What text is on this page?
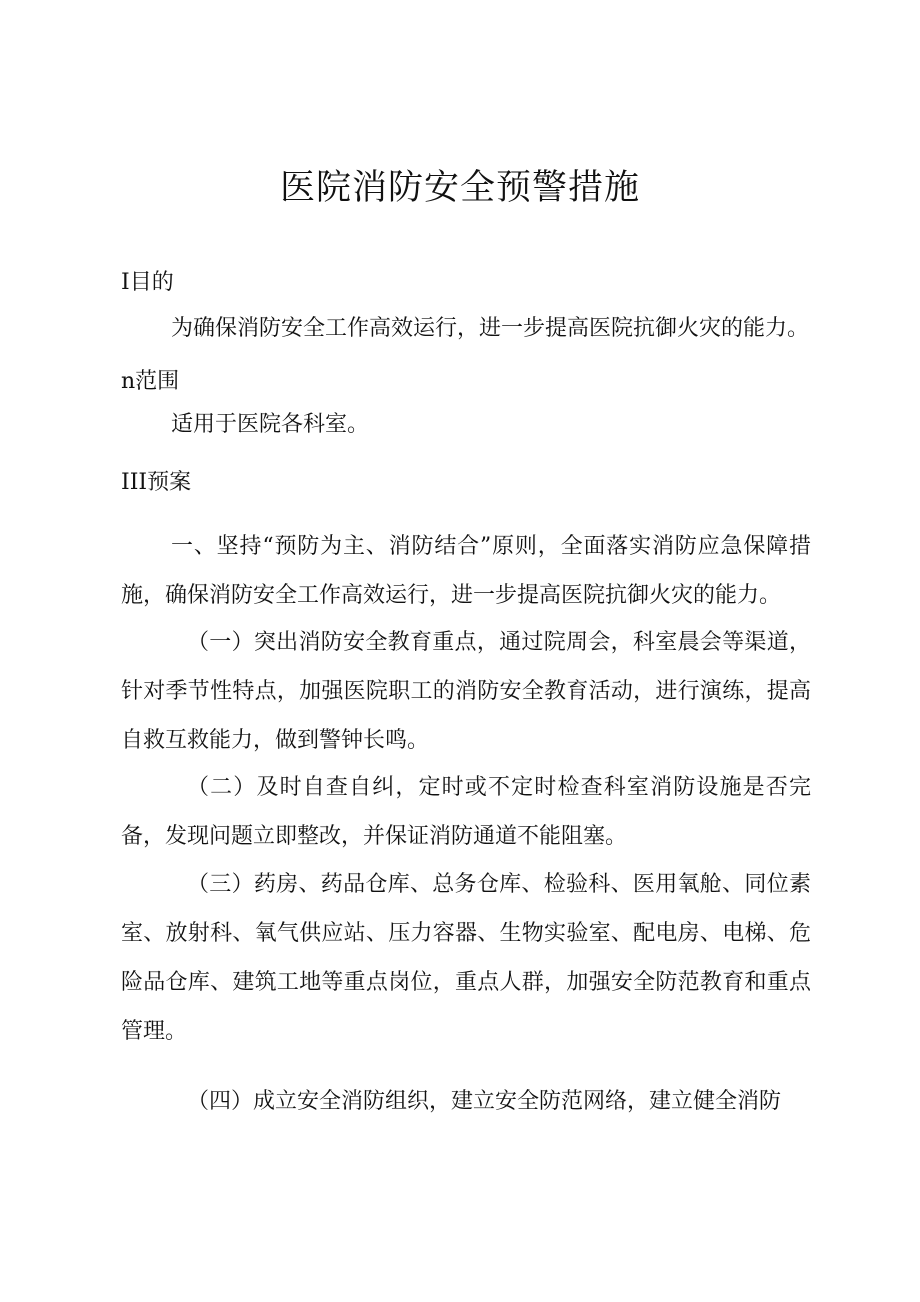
医院消防安全预警措施
I目的
为确保消防安全工作高效运行，进一步提高医院抗御火灾的能力。
n范围
适用于医院各科室。
III预案
一、坚持“预防为主、消防结合”原则，全面落实消防应急保障措施，确保消防安全工作高效运行，进一步提高医院抗御火灾的能力。
（一）突出消防安全教育重点，通过院周会，科室晨会等渠道，针对季节性特点，加强医院职工的消防安全教育活动，进行演练，提高自救互救能力，做到警钟长鸣。
（二）及时自查自纠，定时或不定时检查科室消防设施是否完备，发现问题立即整改，并保证消防通道不能阻塞。
（三）药房、药品仓库、总务仓库、检验科、医用氧舱、同位素室、放射科、氧气供应站、压力容器、生物实验室、配电房、电梯、危险品仓库、建筑工地等重点岗位，重点人群，加强安全防范教育和重点管理。
（四）成立安全消防组织，建立安全防范网络，建立健全消防
